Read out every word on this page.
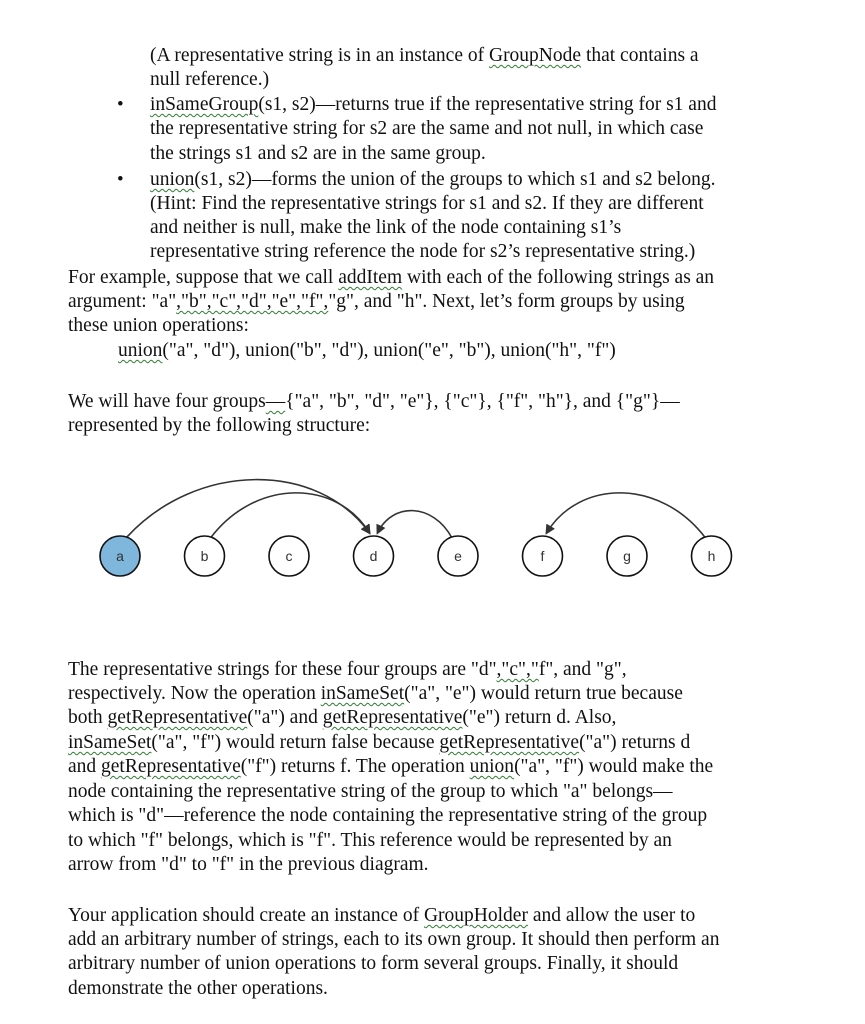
(A representative string is in an instance of GroupNode that contains a
null reference.)
• inSameGroup(s1, s2)—returns true if the representative string for s1 and
the representative string for s2 are the same and not null, in which case
the strings s1 and s2 are in the same group.
• union(s1, s2)—forms the union of the groups to which s1 and s2 belong.
(Hint: Find the representative strings for s1 and s2. If they are different
and neither is null, make the link of the node containing s1’s
representative string reference the node for s2’s representative string.)
For example, suppose that we call addItem with each of the following strings as an
argument: "a","b","c","d","e","f","g", and "h". Next, let’s form groups by using
these union operations:
union("a", "d"), union("b", "d"), union("e", "b"), union("h", "f")
We will have four groups—{"a", "b", "d", "e"}, {"c"}, {"f", "h"}, and {"g"}—
represented by the following structure:
a	b	c	d	e	f	g	h
The representative strings for these four groups are "d","c","f", and "g",
respectively. Now the operation inSameSet("a", "e") would return true because
both getRepresentative("a") and getRepresentative("e") return d. Also,
inSameSet("a", "f") would return false because getRepresentative("a") returns d
and getRepresentative("f") returns f. The operation union("a", "f") would make the
node containing the representative string of the group to which "a" belongs—
which is "d"—reference the node containing the representative string of the group
to which "f" belongs, which is "f". This reference would be represented by an
arrow from "d" to "f" in the previous diagram.
Your application should create an instance of GroupHolder and allow the user to
add an arbitrary number of strings, each to its own group. It should then perform an
arbitrary number of union operations to form several groups. Finally, it should
demonstrate the other operations.
